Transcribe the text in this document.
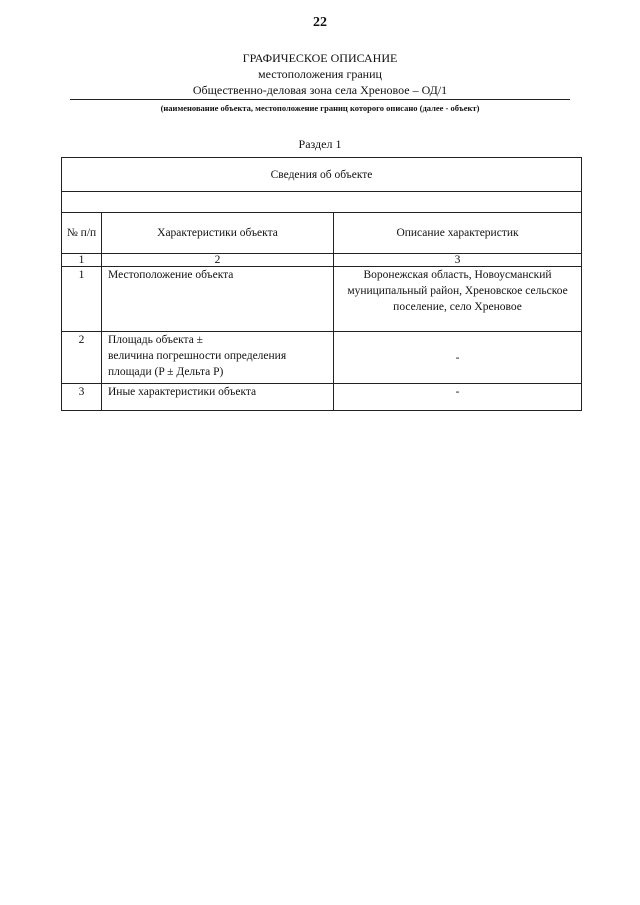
22
ГРАФИЧЕСКОЕ ОПИСАНИЕ
местоположения границ
Общественно-деловая зона села Хреновое – ОД/1
(наименование объекта, местоположение границ которого описано (далее - объект)
Раздел 1
Сведения об объекте		

№ п/п	Характеристики объекта	Описание характеристик
1	2	3
1	Местоположение объекта	Воронежская область, Новоусманский муниципальный район, Хреновское сельское поселение, село Хреновое
2	Площадь объекта ±
величина погрешности определения
площади (P ± Дельта P)	-
3	Иные характеристики объекта	-
